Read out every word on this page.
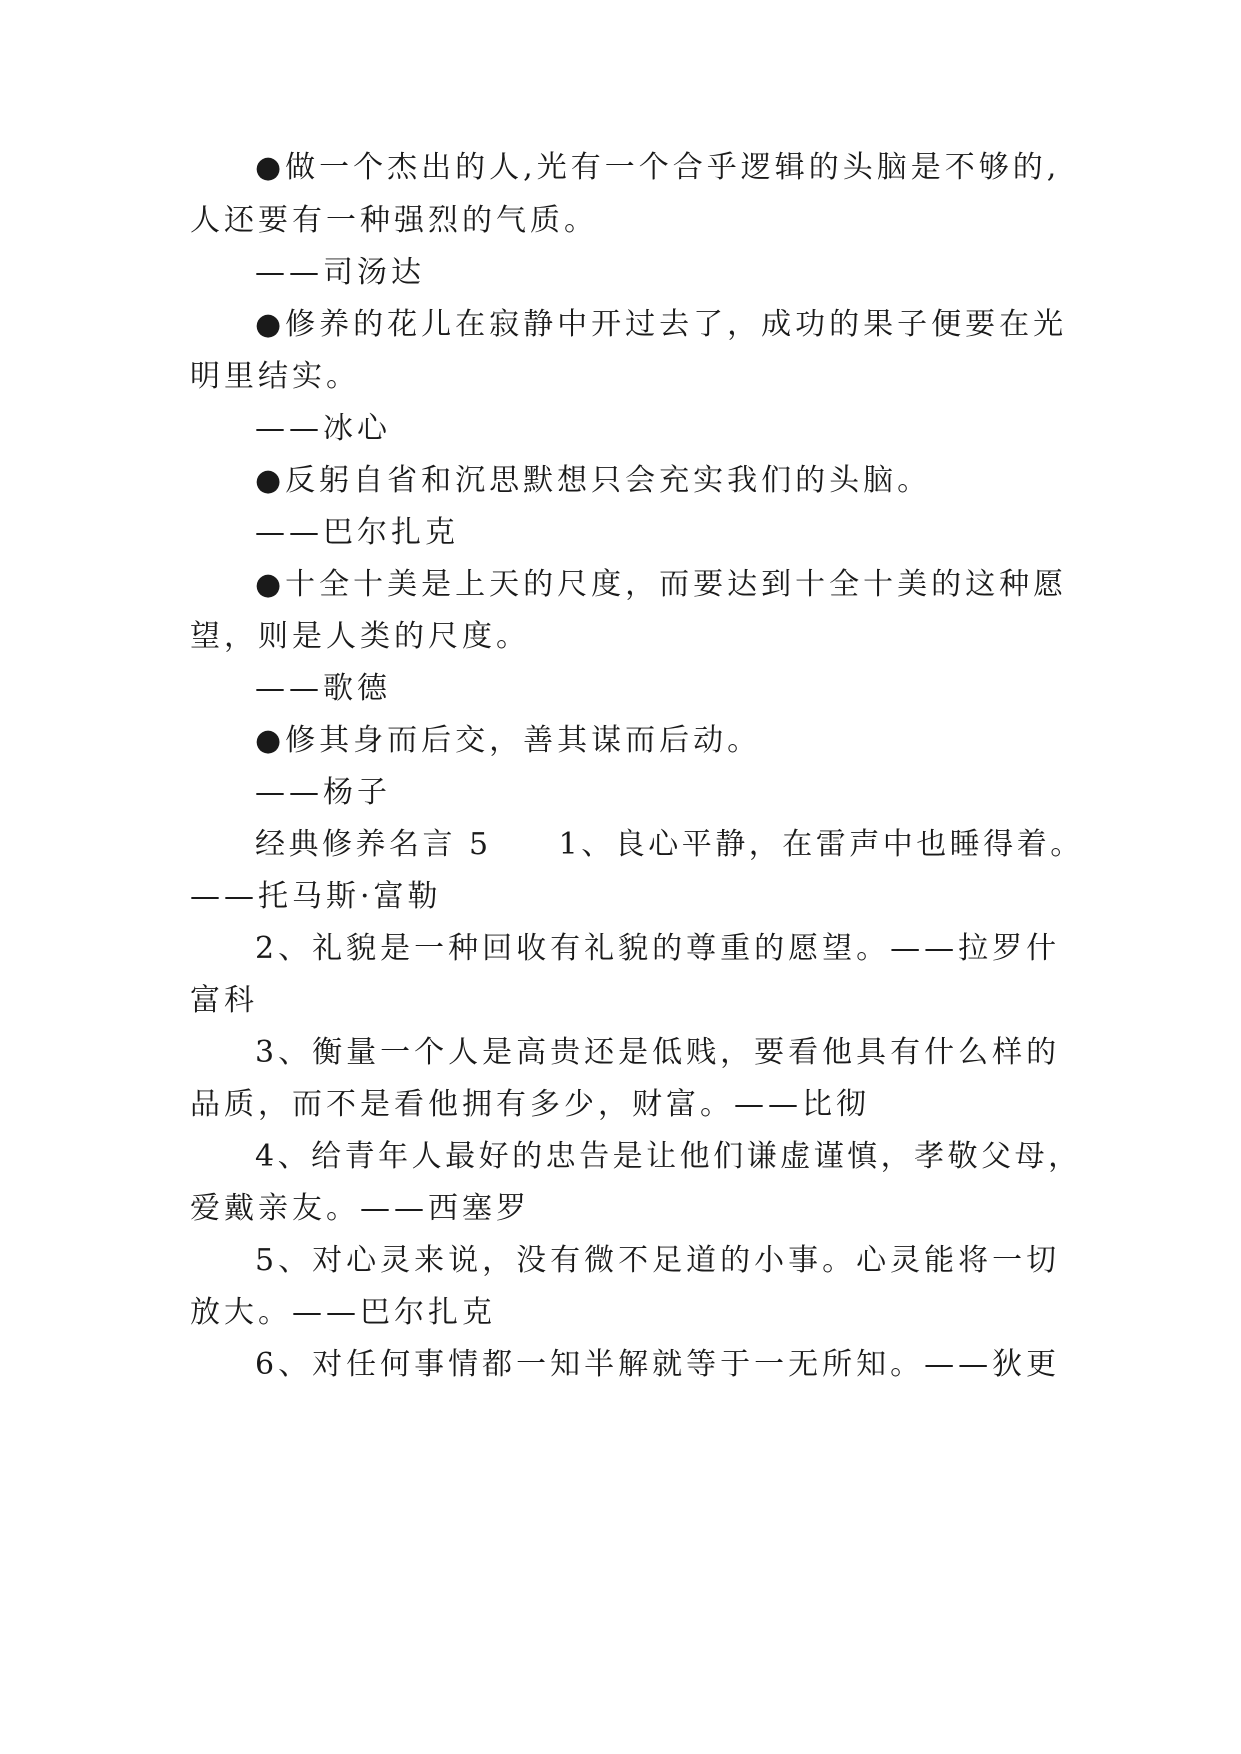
●做一个杰出的人,光有一个合乎逻辑的头脑是不够的,
人还要有一种强烈的气质。
——司汤达
●修养的花儿在寂静中开过去了，成功的果子便要在光
明里结实。
——冰心
●反躬自省和沉思默想只会充实我们的头脑。
——巴尔扎克
●十全十美是上天的尺度，而要达到十全十美的这种愿
望，则是人类的尺度。
——歌德
●修其身而后交，善其谋而后动。
——杨子
经典修养名言 5　　1、良心平静，在雷声中也睡得着。
——托马斯·富勒
2、礼貌是一种回收有礼貌的尊重的愿望。——拉罗什
富科
3、衡量一个人是高贵还是低贱，要看他具有什么样的
品质，而不是看他拥有多少，财富。——比彻
4、给青年人最好的忠告是让他们谦虚谨慎，孝敬父母，
爱戴亲友。——西塞罗
5、对心灵来说，没有微不足道的小事。心灵能将一切
放大。——巴尔扎克
6、对任何事情都一知半解就等于一无所知。——狄更
